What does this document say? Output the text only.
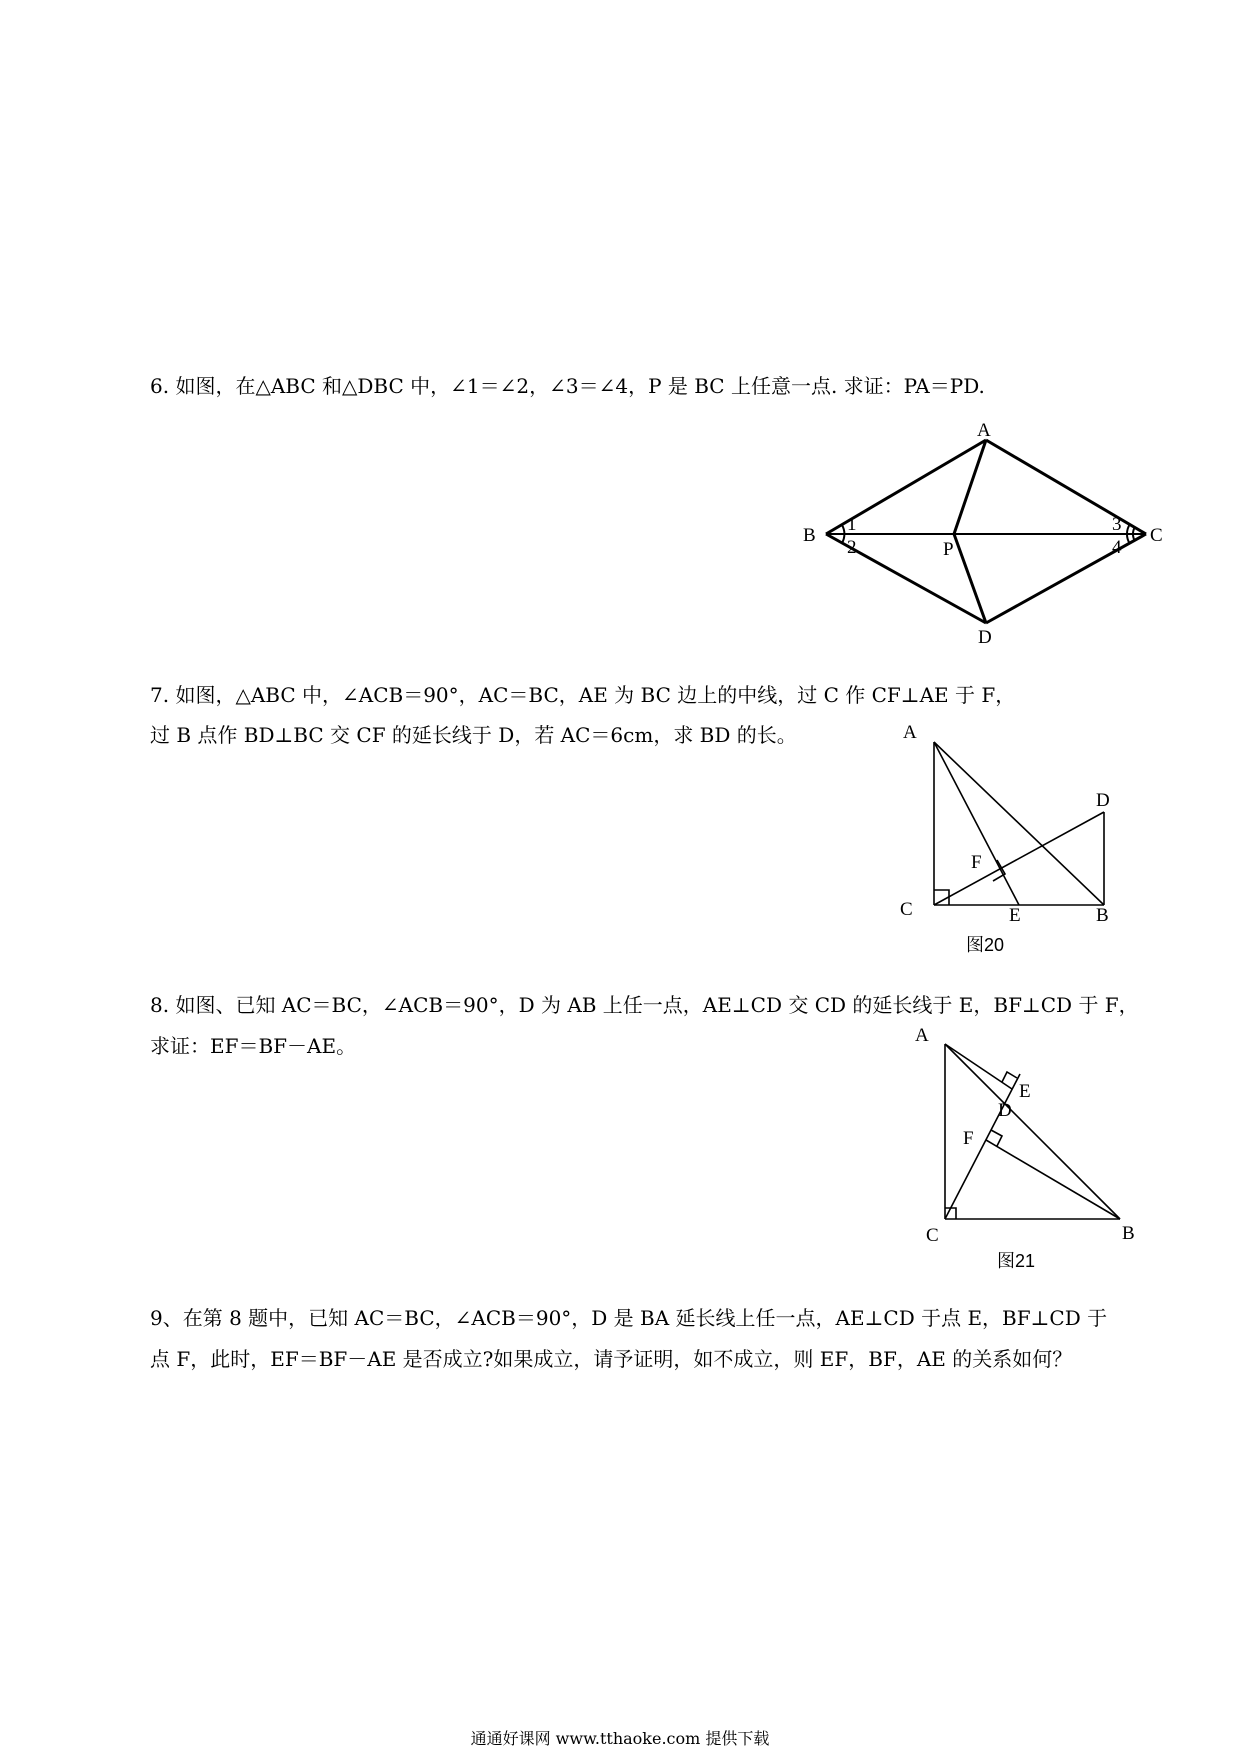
6. 如图，在△ABC 和△DBC 中，∠1＝∠2，∠3＝∠4，P 是 BC 上任意一点. 求证：PA＝PD.
A
B	C
D
P
1
2
3
4
7. 如图，△ABC 中，∠ACB＝90°，AC＝BC，AE 为 BC 边上的中线，过 C 作 CF⊥AE 于 F，
过 B 点作 BD⊥BC 交 CF 的延长线于 D，若 AC＝6cm，求 BD 的长。	A
D
F
C	E	B
图20
8. 如图、已知 AC＝BC，∠ACB＝90°，D 为 AB 上任一点，AE⊥CD 交 CD 的延长线于 E，BF⊥CD 于 F，
求证：EF＝BF－AE。	A
E
D
F
C	B
图21
9、在第 8 题中，已知 AC＝BC，∠ACB＝90°，D 是 BA 延长线上任一点，AE⊥CD 于点 E，BF⊥CD 于
点 F，此时，EF＝BF－AE 是否成立?如果成立，请予证明，如不成立，则 EF，BF，AE 的关系如何？
通通好课网 www.tthaoke.com 提供下载
